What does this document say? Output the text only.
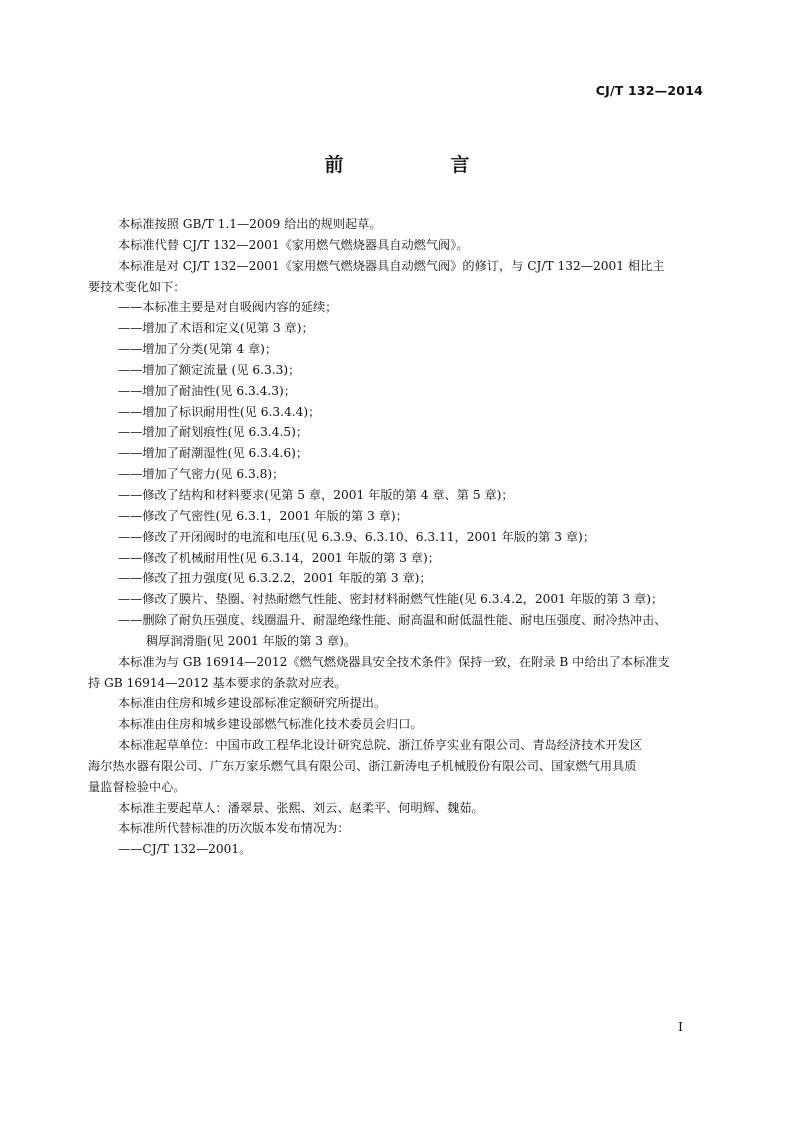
CJ/T 132—2014
前　言
本标准按照 GB/T 1.1—2009 给出的规则起草。
本标准代替 CJ/T 132—2001《家用燃气燃烧器具自动燃气阀》。
本标准是对 CJ/T 132—2001《家用燃气燃烧器具自动燃气阀》的修订，与 CJ/T 132—2001 相比主
要技术变化如下：
——本标准主要是对自吸阀内容的延续；
——增加了术语和定义(见第 3 章)；
——增加了分类(见第 4 章)；
——增加了额定流量 (见 6.3.3)；
——增加了耐油性(见 6.3.4.3)；
——增加了标识耐用性(见 6.3.4.4)；
——增加了耐划痕性(见 6.3.4.5)；
——增加了耐潮湿性(见 6.3.4.6)；
——增加了气密力(见 6.3.8)；
——修改了结构和材料要求(见第 5 章，2001 年版的第 4 章、第 5 章)；
——修改了气密性(见 6.3.1，2001 年版的第 3 章)；
——修改了开闭阀时的电流和电压(见 6.3.9、6.3.10、6.3.11，2001 年版的第 3 章)；
——修改了机械耐用性(见 6.3.14，2001 年版的第 3 章)；
——修改了扭力强度(见 6.3.2.2，2001 年版的第 3 章)；
——修改了膜片、垫圈、衬热耐燃气性能、密封材料耐燃气性能(见 6.3.4.2，2001 年版的第 3 章)；
——删除了耐负压强度、线圈温升、耐湿绝缘性能、耐高温和耐低温性能、耐电压强度、耐冷热冲击、
稠厚润滑脂(见 2001 年版的第 3 章)。
本标准为与 GB 16914—2012《燃气燃烧器具安全技术条件》保持一致，在附录 B 中给出了本标准支
持 GB 16914—2012 基本要求的条款对应表。
本标准由住房和城乡建设部标准定额研究所提出。
本标准由住房和城乡建设部燃气标准化技术委员会归口。
本标准起草单位：中国市政工程华北设计研究总院、浙江侨亨实业有限公司、青岛经济技术开发区
海尔热水器有限公司、广东万家乐燃气具有限公司、浙江新涛电子机械股份有限公司、国家燃气用具质
量监督检验中心。
本标准主要起草人：潘翠景、张熙、刘云、赵柔平、何明辉、魏茹。
本标准所代替标准的历次版本发布情况为：
——CJ/T 132—2001。
I
